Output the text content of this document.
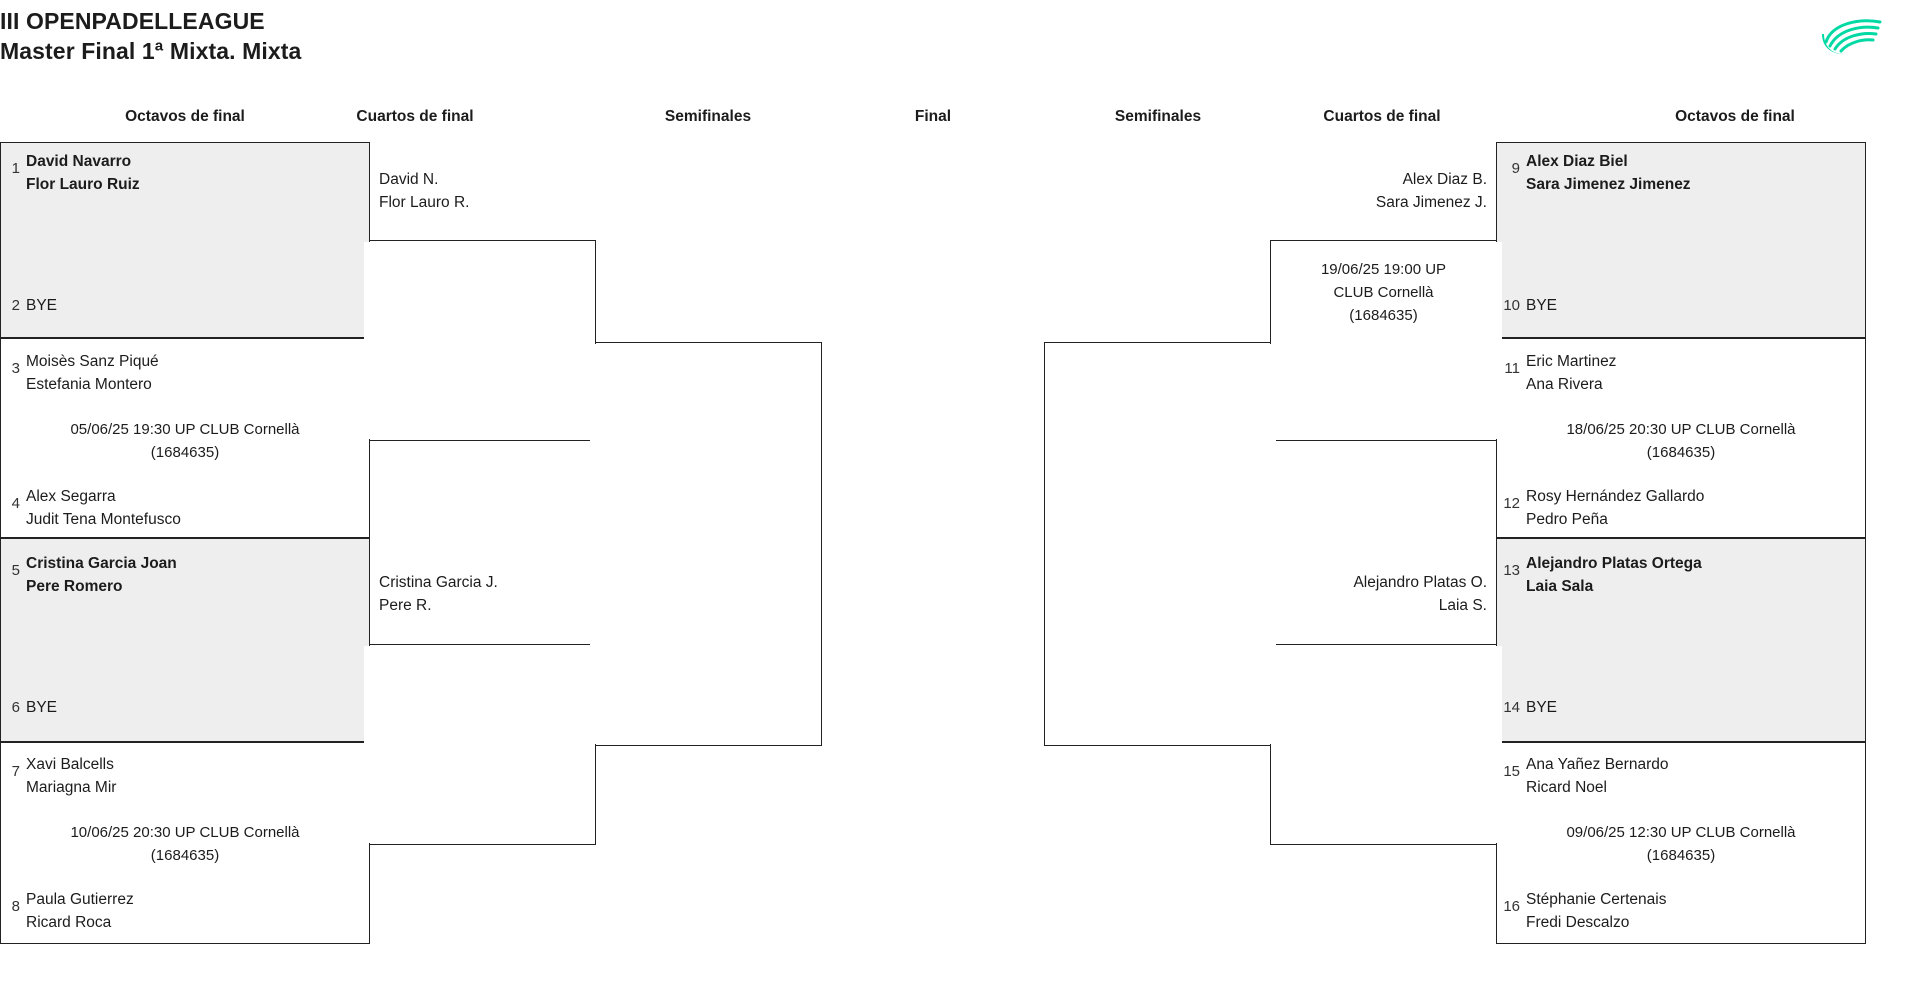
III OPENPADELLEAGUE
Master Final 1ª Mixta. Mixta
Octavos de final	Cuartos de final	Semifinales	Final	Semifinales	Cuartos de final	Octavos de final
1 David Navarro
Flor Lauro Ruiz
2 BYE
3 Moisès Sanz Piqué
Estefania Montero
05/06/25 19:30 UP CLUB Cornellà
(1684635)
4 Alex Segarra
Judit Tena Montefusco
5 Cristina Garcia Joan
Pere Romero
6 BYE
7 Xavi Balcells
Mariagna Mir
10/06/25 20:30 UP CLUB Cornellà
(1684635)
8 Paula Gutierrez
Ricard Roca
David N.
Flor Lauro R.
Cristina Garcia J.
Pere R.
9 Alex Diaz Biel
Sara Jimenez Jimenez
10 BYE
11 Eric Martinez
Ana Rivera
18/06/25 20:30 UP CLUB Cornellà
(1684635)
12 Rosy Hernández Gallardo
Pedro Peña
13 Alejandro Platas Ortega
Laia Sala
14 BYE
15 Ana Yañez Bernardo
Ricard Noel
09/06/25 12:30 UP CLUB Cornellà
(1684635)
16 Stéphanie Certenais
Fredi Descalzo
Alex Diaz B.
Sara Jimenez J.
Alejandro Platas O.
Laia S.
19/06/25 19:00 UP
CLUB Cornellà
(1684635)
